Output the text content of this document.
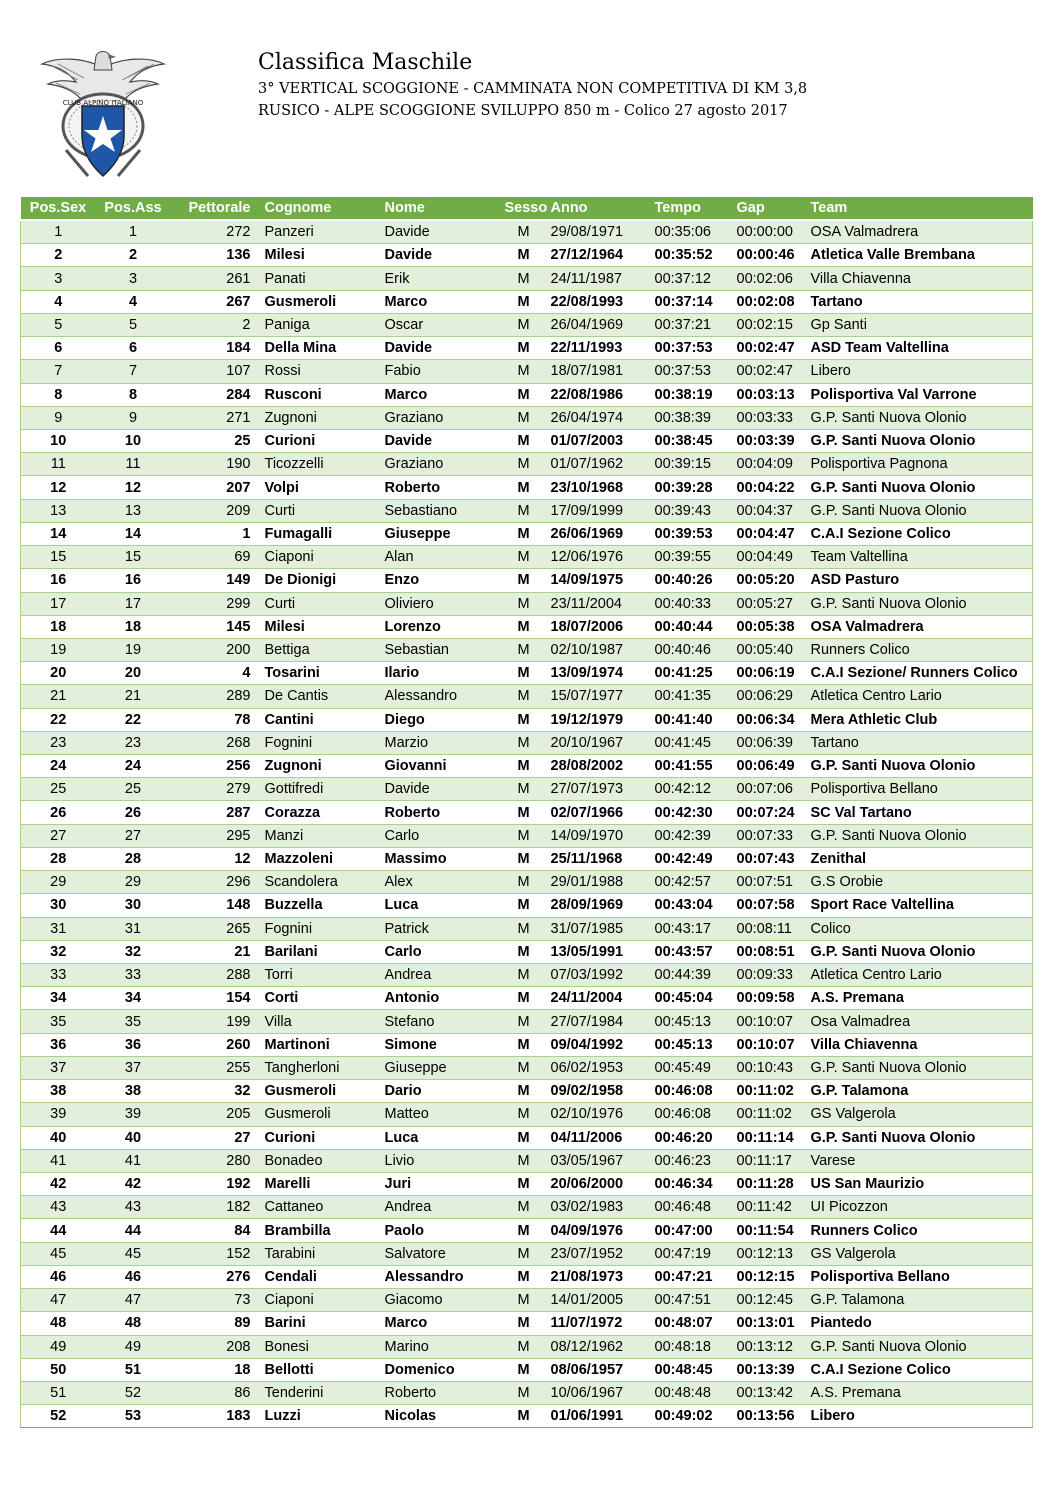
CLUB ALPINO ITALIANO
Classifica Maschile

3° VERTICAL SCOGGIONE - CAMMINATA NON COMPETITIVA DI KM 3,8

RUSICO - ALPE SCOGGIONE SVILUPPO 850 m - Colico 27 agosto 2017

Pos.Sex	Pos.Ass	Pettorale	Cognome	Nome	Sesso	Anno	Tempo	Gap	Team
1	1	272	Panzeri	Davide	M	29/08/1971	00:35:06	00:00:00	OSA Valmadrera
2	2	136	Milesi	Davide	M	27/12/1964	00:35:52	00:00:46	Atletica Valle Brembana
3	3	261	Panati	Erik	M	24/11/1987	00:37:12	00:02:06	Villa Chiavenna
4	4	267	Gusmeroli	Marco	M	22/08/1993	00:37:14	00:02:08	Tartano
5	5	2	Paniga	Oscar	M	26/04/1969	00:37:21	00:02:15	Gp Santi
6	6	184	Della Mina	Davide	M	22/11/1993	00:37:53	00:02:47	ASD Team Valtellina
7	7	107	Rossi	Fabio	M	18/07/1981	00:37:53	00:02:47	Libero
8	8	284	Rusconi	Marco	M	22/08/1986	00:38:19	00:03:13	Polisportiva Val Varrone
9	9	271	Zugnoni	Graziano	M	26/04/1974	00:38:39	00:03:33	G.P. Santi Nuova Olonio
10	10	25	Curioni	Davide	M	01/07/2003	00:38:45	00:03:39	G.P. Santi Nuova Olonio
11	11	190	Ticozzelli	Graziano	M	01/07/1962	00:39:15	00:04:09	Polisportiva Pagnona
12	12	207	Volpi	Roberto	M	23/10/1968	00:39:28	00:04:22	G.P. Santi Nuova Olonio
13	13	209	Curti	Sebastiano	M	17/09/1999	00:39:43	00:04:37	G.P. Santi Nuova Olonio
14	14	1	Fumagalli	Giuseppe	M	26/06/1969	00:39:53	00:04:47	C.A.I Sezione Colico
15	15	69	Ciaponi	Alan	M	12/06/1976	00:39:55	00:04:49	Team Valtellina
16	16	149	De Dionigi	Enzo	M	14/09/1975	00:40:26	00:05:20	ASD Pasturo
17	17	299	Curti	Oliviero	M	23/11/2004	00:40:33	00:05:27	G.P. Santi Nuova Olonio
18	18	145	Milesi	Lorenzo	M	18/07/2006	00:40:44	00:05:38	OSA Valmadrera
19	19	200	Bettiga	Sebastian	M	02/10/1987	00:40:46	00:05:40	Runners Colico
20	20	4	Tosarini	Ilario	M	13/09/1974	00:41:25	00:06:19	C.A.I Sezione/ Runners Colico
21	21	289	De Cantis	Alessandro	M	15/07/1977	00:41:35	00:06:29	Atletica Centro Lario
22	22	78	Cantini	Diego	M	19/12/1979	00:41:40	00:06:34	Mera Athletic Club
23	23	268	Fognini	Marzio	M	20/10/1967	00:41:45	00:06:39	Tartano
24	24	256	Zugnoni	Giovanni	M	28/08/2002	00:41:55	00:06:49	G.P. Santi Nuova Olonio
25	25	279	Gottifredi	Davide	M	27/07/1973	00:42:12	00:07:06	Polisportiva Bellano
26	26	287	Corazza	Roberto	M	02/07/1966	00:42:30	00:07:24	SC Val Tartano
27	27	295	Manzi	Carlo	M	14/09/1970	00:42:39	00:07:33	G.P. Santi Nuova Olonio
28	28	12	Mazzoleni	Massimo	M	25/11/1968	00:42:49	00:07:43	Zenithal
29	29	296	Scandolera	Alex	M	29/01/1988	00:42:57	00:07:51	G.S Orobie
30	30	148	Buzzella	Luca	M	28/09/1969	00:43:04	00:07:58	Sport Race Valtellina
31	31	265	Fognini	Patrick	M	31/07/1985	00:43:17	00:08:11	Colico
32	32	21	Barilani	Carlo	M	13/05/1991	00:43:57	00:08:51	G.P. Santi Nuova Olonio
33	33	288	Torri	Andrea	M	07/03/1992	00:44:39	00:09:33	Atletica Centro Lario
34	34	154	Corti	Antonio	M	24/11/2004	00:45:04	00:09:58	A.S. Premana
35	35	199	Villa	Stefano	M	27/07/1984	00:45:13	00:10:07	Osa Valmadrea
36	36	260	Martinoni	Simone	M	09/04/1992	00:45:13	00:10:07	Villa Chiavenna
37	37	255	Tangherloni	Giuseppe	M	06/02/1953	00:45:49	00:10:43	G.P. Santi Nuova Olonio
38	38	32	Gusmeroli	Dario	M	09/02/1958	00:46:08	00:11:02	G.P. Talamona
39	39	205	Gusmeroli	Matteo	M	02/10/1976	00:46:08	00:11:02	GS Valgerola
40	40	27	Curioni	Luca	M	04/11/2006	00:46:20	00:11:14	G.P. Santi Nuova Olonio
41	41	280	Bonadeo	Livio	M	03/05/1967	00:46:23	00:11:17	Varese
42	42	192	Marelli	Juri	M	20/06/2000	00:46:34	00:11:28	US San Maurizio
43	43	182	Cattaneo	Andrea	M	03/02/1983	00:46:48	00:11:42	UI Picozzon
44	44	84	Brambilla	Paolo	M	04/09/1976	00:47:00	00:11:54	Runners Colico
45	45	152	Tarabini	Salvatore	M	23/07/1952	00:47:19	00:12:13	GS Valgerola
46	46	276	Cendali	Alessandro	M	21/08/1973	00:47:21	00:12:15	Polisportiva Bellano
47	47	73	Ciaponi	Giacomo	M	14/01/2005	00:47:51	00:12:45	G.P. Talamona
48	48	89	Barini	Marco	M	11/07/1972	00:48:07	00:13:01	Piantedo
49	49	208	Bonesi	Marino	M	08/12/1962	00:48:18	00:13:12	G.P. Santi Nuova Olonio
50	51	18	Bellotti	Domenico	M	08/06/1957	00:48:45	00:13:39	C.A.I Sezione Colico
51	52	86	Tenderini	Roberto	M	10/06/1967	00:48:48	00:13:42	A.S. Premana
52	53	183	Luzzi	Nicolas	M	01/06/1991	00:49:02	00:13:56	Libero
